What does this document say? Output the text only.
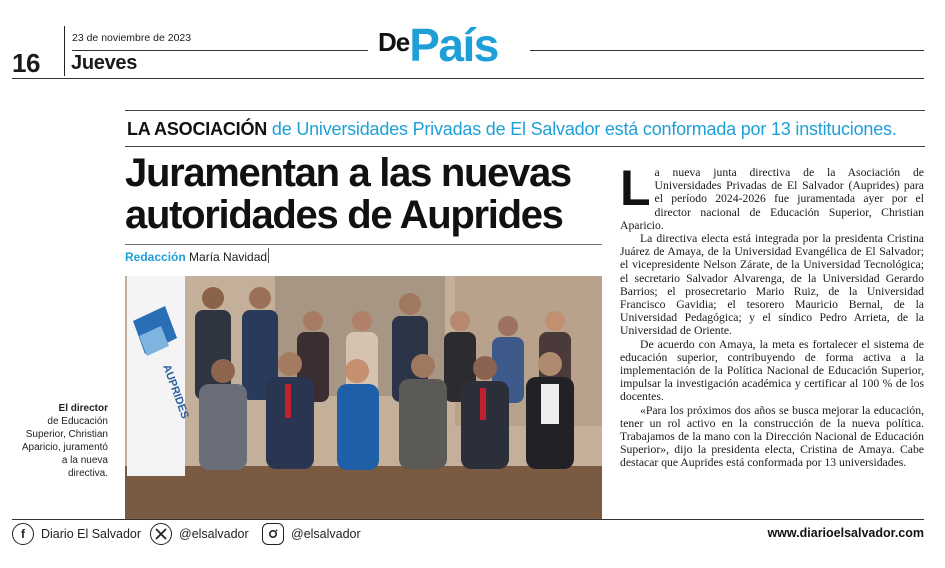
16
23 de noviembre de 2023
Jueves
DePaís
LA ASOCIACIÓN de Universidades Privadas de El Salvador está conformada por 13 instituciones.
Juramentan a las nuevas autoridades de Auprides
Redacción María Navidad
AUPRIDES
El director
de Educación Superior, Christian Aparicio, juramentó a la nueva directiva.

La nueva junta directiva de la Asociación de Universidades Privadas de El Salvador (Auprides) para el período 2024-2026 fue juramentada ayer por el director nacional de Educación Superior, Christian Aparicio.

La directiva electa está integrada por la presidenta Cristina Juárez de Amaya, de la Universidad Evangélica de El Salvador; el vicepresidente Nelson Zárate, de la Universidad Tecnológica; el secretario Salvador Alvarenga, de la Universidad Gerardo Barrios; el prosecretario Mario Ruiz, de la Universidad Francisco Gavidia; el tesorero Mauricio Bernal, de la Universidad Pedagógica; y el síndico Pedro Arrieta, de la Universidad de Oriente.

De acuerdo con Amaya, la meta es fortalecer el sistema de educación superior, contribuyendo de forma activa a la implementación de la Política Nacional de Educación Superior, impulsar la investigación académica y certificar al 100 % de los docentes.

«Para los próximos dos años se busca mejorar la educación, tener un rol activo en la construcción de la nueva política. Trabajamos de la mano con la Dirección Nacional de Educación Superior», dijo la presidenta electa, Cristina de Amaya. Cabe destacar que Auprides está conformada por 13 universidades.

f	Diario El Salvador	@elsalvador	@elsalvador	www.diarioelsalvador.com
